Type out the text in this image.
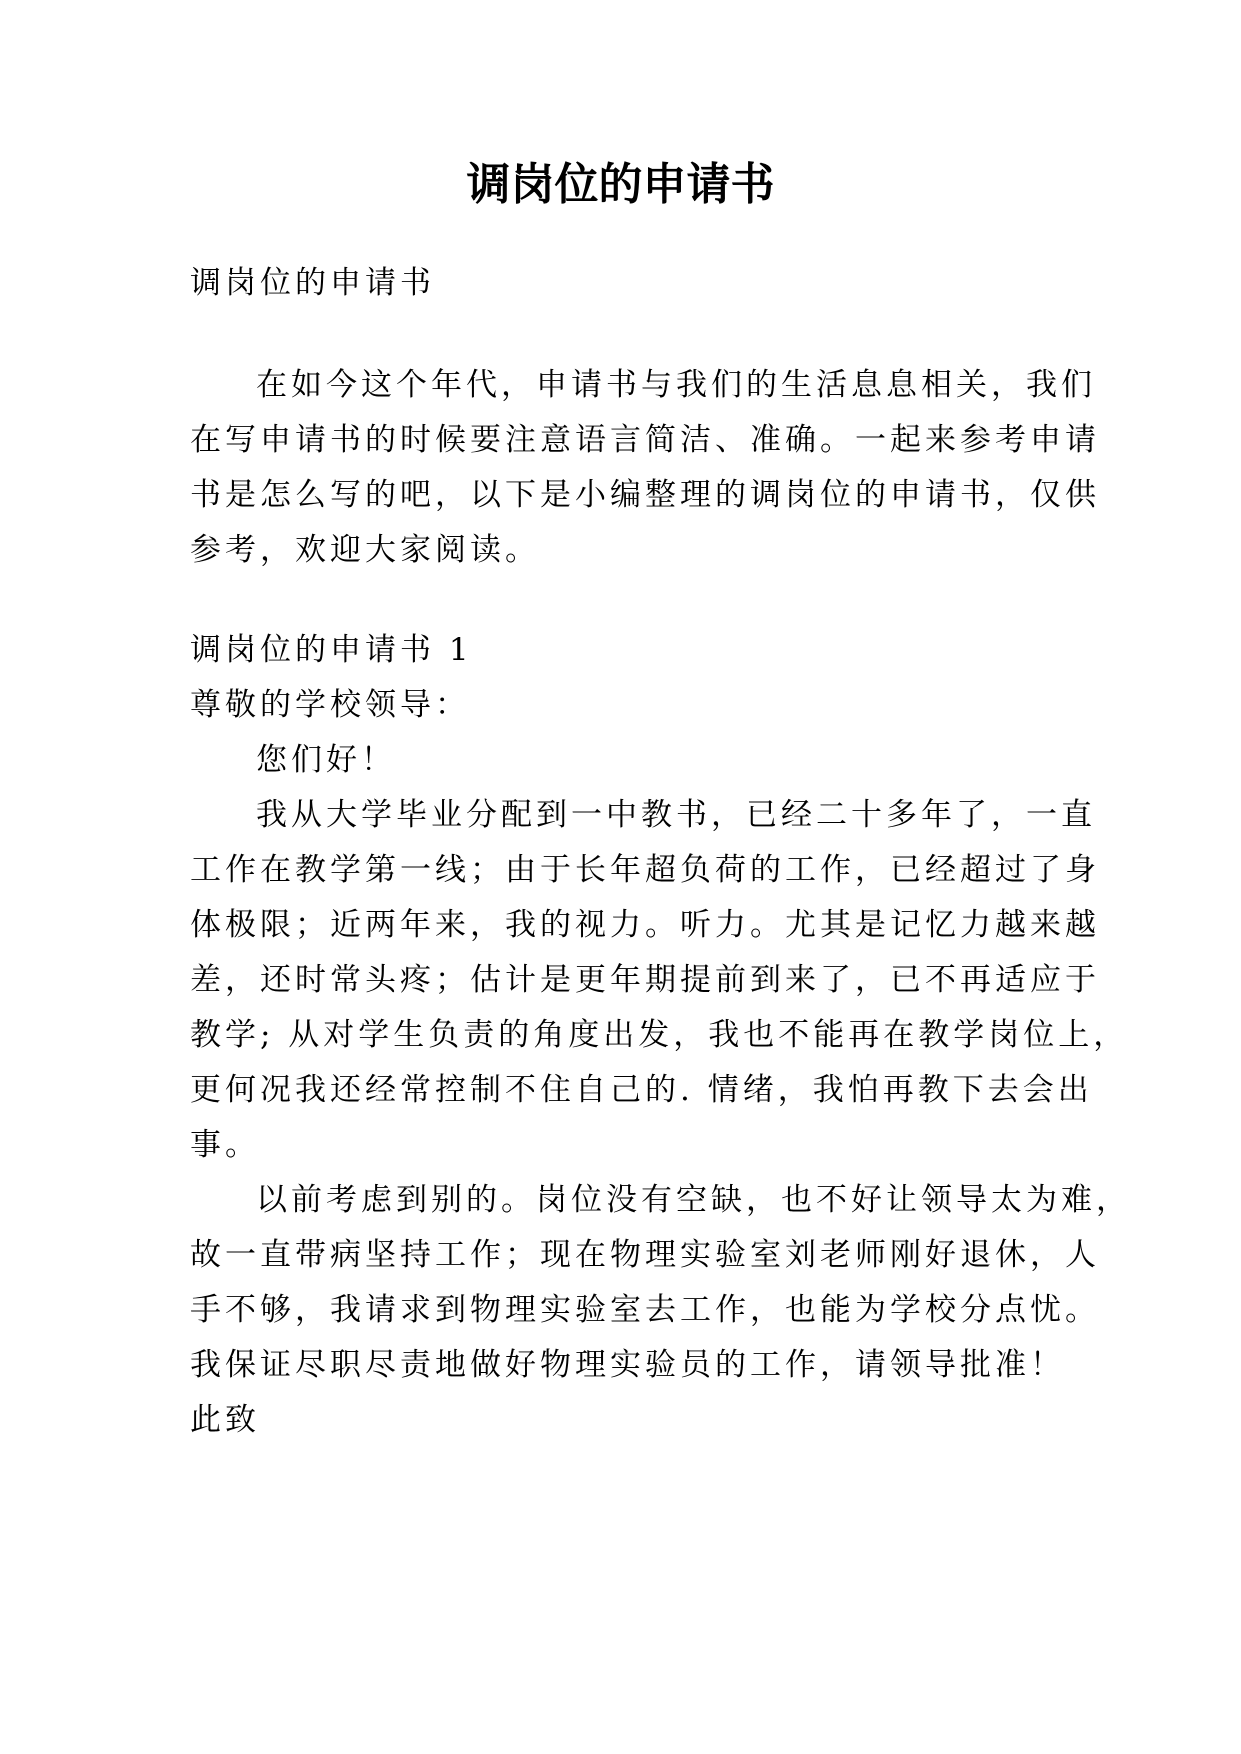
调岗位的申请书
调岗位的申请书
在如今这个年代，申请书与我们的生活息息相关，我们
在写申请书的时候要注意语言简洁、准确。一起来参考申请
书是怎么写的吧，以下是小编整理的调岗位的申请书，仅供
参考，欢迎大家阅读。
调岗位的申请书 1
尊敬的学校领导：
您们好！
我从大学毕业分配到一中教书，已经二十多年了，一直
工作在教学第一线；由于长年超负荷的工作，已经超过了身
体极限；近两年来，我的视力。听力。尤其是记忆力越来越
差，还时常头疼；估计是更年期提前到来了，已不再适应于
教学; 从对学生负责的角度出发，我也不能再在教学岗位上，
更何况我还经常控制不住自己的. 情绪，我怕再教下去会出
事。
以前考虑到别的。岗位没有空缺，也不好让领导太为难，
故一直带病坚持工作；现在物理实验室刘老师刚好退休，人
手不够，我请求到物理实验室去工作，也能为学校分点忧。
我保证尽职尽责地做好物理实验员的工作，请领导批准！
此致
